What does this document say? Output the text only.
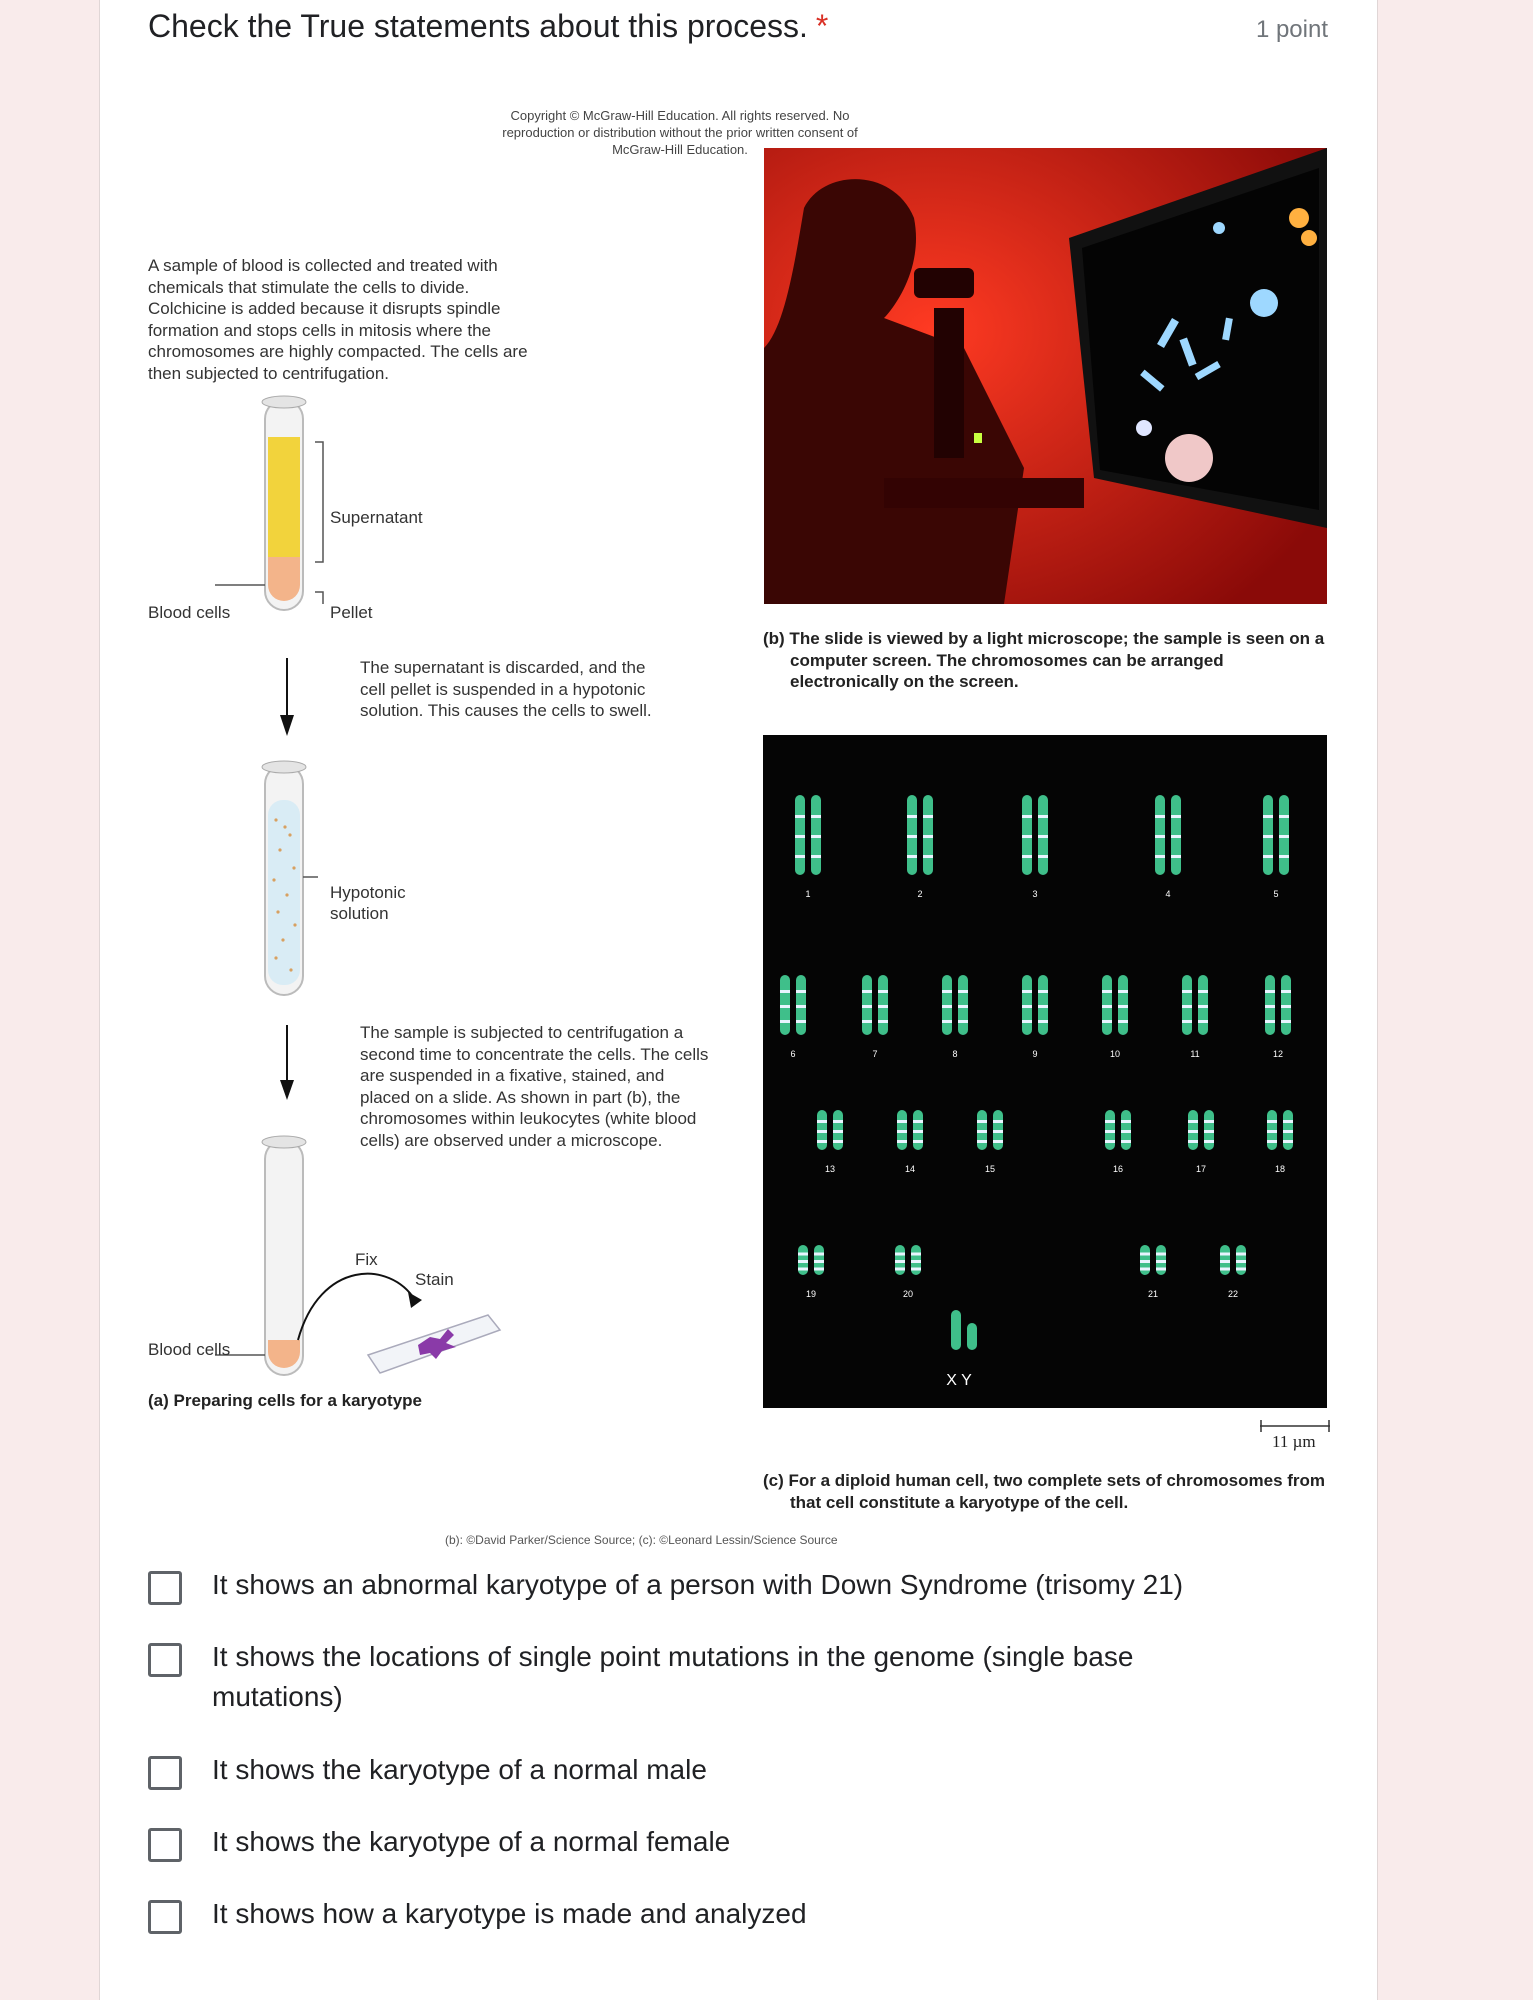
Check the True statements about this process. *	1 point
Copyright © McGraw-Hill Education. All rights reserved. No reproduction or distribution without the prior written consent of McGraw-Hill Education.
A sample of blood is collected and treated with chemicals that stimulate the cells to divide. Colchicine is added because it disrupts spindle formation and stops cells in mitosis where the chromosomes are highly compacted. The cells are then subjected to centrifugation.
Supernatant
Blood cells	Pellet
The supernatant is discarded, and the cell pellet is suspended in a hypotonic solution. This causes the cells to swell.
Hypotonic solution
The sample is subjected to centrifugation a second time to concentrate the cells. The cells are suspended in a fixative, stained, and placed on a slide. As shown in part (b), the chromosomes within leukocytes (white blood cells) are observed under a microscope.
Fix
Stain
Blood cells
(a) Preparing cells for a karyotype
(b) The slide is viewed by a light microscope; the sample is seen on a computer screen. The chromosomes can be arranged electronically on the screen.
1	2	3	4	5
6	7	8	9	10	11	12
13	14	15	16	17	18
19	20	21	22
X Y
11 µm
(c) For a diploid human cell, two complete sets of chromosomes from that cell constitute a karyotype of the cell.
(b): ©David Parker/Science Source; (c): ©Leonard Lessin/Science Source
It shows an abnormal karyotype of a person with Down Syndrome (trisomy 21)
It shows the locations of single point mutations in the genome (single base mutations)
It shows the karyotype of a normal male
It shows the karyotype of a normal female
It shows how a karyotype is made and analyzed
